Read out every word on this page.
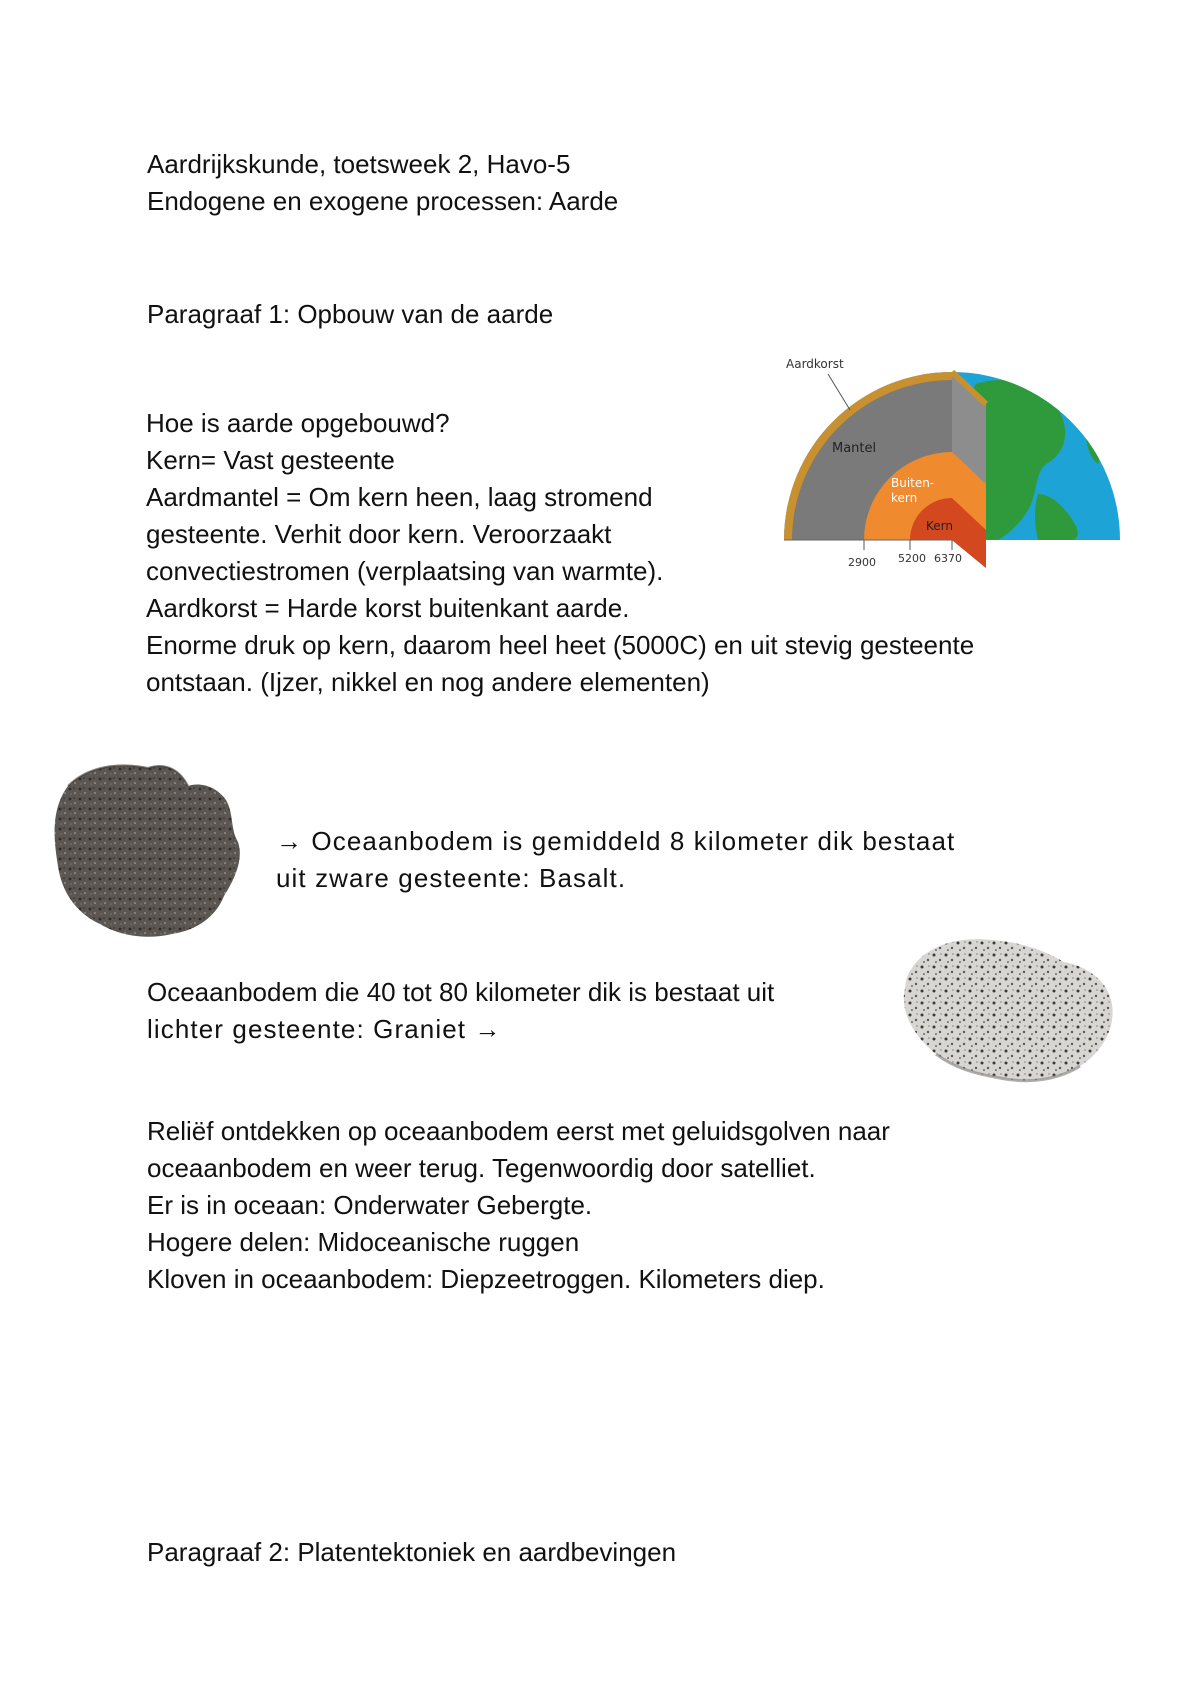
Aardrijkskunde, toetsweek 2, Havo-5
Endogene en exogene processen: Aarde
Paragraaf 1: Opbouw van de aarde
Hoe is aarde opgebouwd?
Kern= Vast gesteente
Aardmantel = Om kern heen, laag stromend
gesteente. Verhit door kern. Veroorzaakt
convectiestromen (verplaatsing van warmte).
Aardkorst = Harde korst buitenkant aarde.
Enorme druk op kern, daarom heel heet (5000C) en uit stevig gesteente
ontstaan. (Ijzer, nikkel en nog andere elementen)
Aardkorst
Mantel
Buiten-
kern
Kern
2900 5200 6370
→ Oceaanbodem is gemiddeld 8 kilometer dik bestaat
uit zware gesteente: Basalt.
Oceaanbodem die 40 tot 80 kilometer dik is bestaat uit
lichter gesteente: Graniet →
Reliëf ontdekken op oceaanbodem eerst met geluidsgolven naar
oceaanbodem en weer terug. Tegenwoordig door satelliet.
Er is in oceaan: Onderwater Gebergte.
Hogere delen: Midoceanische ruggen
Kloven in oceaanbodem: Diepzeetroggen. Kilometers diep.
Paragraaf 2: Platentektoniek en aardbevingen
